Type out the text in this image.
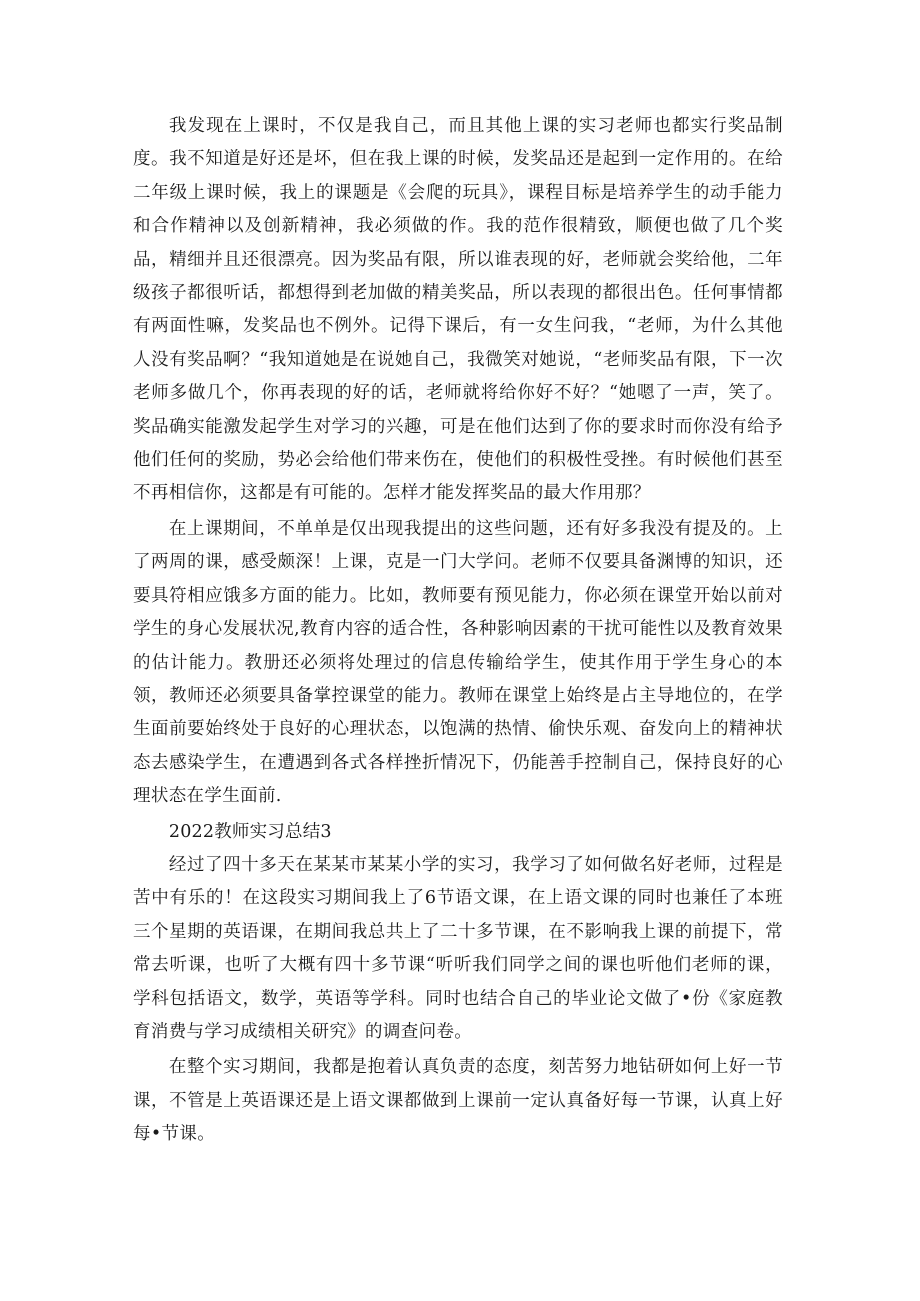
我发现在上课时，不仅是我自己，而且其他上课的实习老师也都实行奖品制度。我不知道是好还是坏，但在我上课的时候，发奖品还是起到一定作用的。在给二年级上课时候，我上的课题是《会爬的玩具》，课程目标是培养学生的动手能力和合作精神以及创新精神，我必须做的作。我的范作很精致，顺便也做了几个奖品，精细并且还很漂亮。因为奖品有限，所以谁表现的好，老师就会奖给他，二年级孩子都很听话，都想得到老加做的精美奖品，所以表现的都很出色。任何事情都有两面性嘛，发奖品也不例外。记得下课后，有一女生问我，“老师，为什么其他人没有奖品啊？“我知道她是在说她自己，我微笑对她说，“老师奖品有限，下一次老师多做几个，你再表现的好的话，老师就将给你好不好？“她嗯了一声，笑了。奖品确实能激发起学生对学习的兴趣，可是在他们达到了你的要求时而你没有给予他们任何的奖励，势必会给他们带来伤在，使他们的积极性受挫。有时候他们甚至不再相信你，这都是有可能的。怎样才能发挥奖品的最大作用那？

在上课期间，不单单是仅出现我提出的这些问题，还有好多我没有提及的。上了两周的课，感受颇深！上课，克是一门大学问。老师不仅要具备渊博的知识，还要具符相应饿多方面的能力。比如，教师要有预见能力，你必须在课堂开始以前对学生的身心发展状况,教育内容的适合性，各种影响因素的干扰可能性以及教育效果的估计能力。教册还必须将处理过的信息传输给学生，使其作用于学生身心的本领，教师还必须要具备掌控课堂的能力。教师在课堂上始终是占主导地位的，在学生面前要始终处于良好的心理状态，以饱满的热情、偷快乐观、奋发向上的精神状态去感染学生，在遭遇到各式各样挫折情况下，仍能善手控制自己，保持良好的心理状态在学生面前.

2022教师实习总结3

经过了四十多天在某某市某某小学的实习，我学习了如何做名好老师，过程是苦中有乐的！在这段实习期间我上了6节语文课，在上语文课的同时也兼任了本班三个星期的英语课，在期间我总共上了二十多节课，在不影响我上课的前提下，常常去听课，也听了大概有四十多节课“听听我们同学之间的课也听他们老师的课，学科包括语文，数学，英语等学科。同时也结合自己的毕业论文做了•份《家庭教育消费与学习成绩相关研究》的调查问卷。

在整个实习期间，我都是抱着认真负责的态度，刻苦努力地钻研如何上好一节课，不管是上英语课还是上语文课都做到上课前一定认真备好每一节课，认真上好每•节课。
